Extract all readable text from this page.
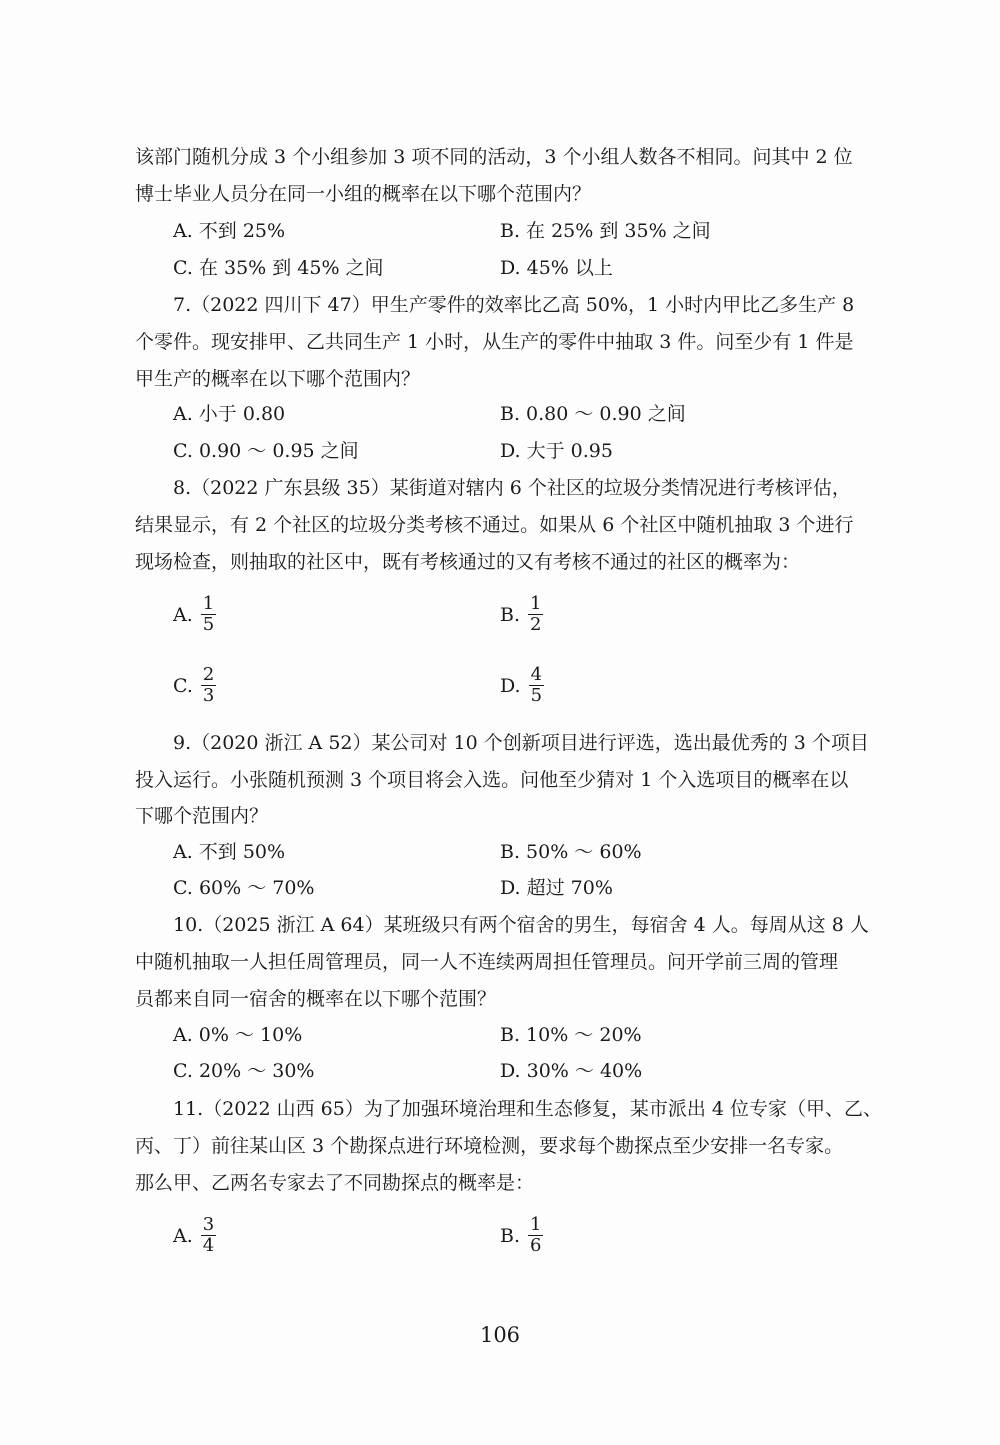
该部门随机分成 3 个小组参加 3 项不同的活动，3 个小组人数各不相同。问其中 2 位
博士毕业人员分在同一小组的概率在以下哪个范围内？
A. 不到 25%	B. 在 25% 到 35% 之间
C. 在 35% 到 45% 之间	D. 45% 以上
7.（2022 四川下 47）甲生产零件的效率比乙高 50%，1 小时内甲比乙多生产 8
个零件。现安排甲、乙共同生产 1 小时，从生产的零件中抽取 3 件。问至少有 1 件是
甲生产的概率在以下哪个范围内？
A. 小于 0.80	B. 0.80 ～ 0.90 之间
C. 0.90 ～ 0.95 之间	D. 大于 0.95
8.（2022 广东县级 35）某街道对辖内 6 个社区的垃圾分类情况进行考核评估，
结果显示，有 2 个社区的垃圾分类考核不通过。如果从 6 个社区中随机抽取 3 个进行
现场检查，则抽取的社区中，既有考核通过的又有考核不通过的社区的概率为：
A. $\frac{1}{5}$	B. $\frac{1}{2}$
C. $\frac{2}{3}$	D. $\frac{4}{5}$
9.（2020 浙江 A 52）某公司对 10 个创新项目进行评选，选出最优秀的 3 个项目
投入运行。小张随机预测 3 个项目将会入选。问他至少猜对 1 个入选项目的概率在以
下哪个范围内？
A. 不到 50%	B. 50% ～ 60%
C. 60% ～ 70%	D. 超过 70%
10.（2025 浙江 A 64）某班级只有两个宿舍的男生，每宿舍 4 人。每周从这 8 人
中随机抽取一人担任周管理员，同一人不连续两周担任管理员。问开学前三周的管理
员都来自同一宿舍的概率在以下哪个范围？
A. 0% ～ 10%	B. 10% ～ 20%
C. 20% ～ 30%	D. 30% ～ 40%
11.（2022 山西 65）为了加强环境治理和生态修复，某市派出 4 位专家（甲、乙、
丙、丁）前往某山区 3 个勘探点进行环境检测，要求每个勘探点至少安排一名专家。
那么甲、乙两名专家去了不同勘探点的概率是：
A. $\frac{3}{4}$	B. $\frac{1}{6}$
106
